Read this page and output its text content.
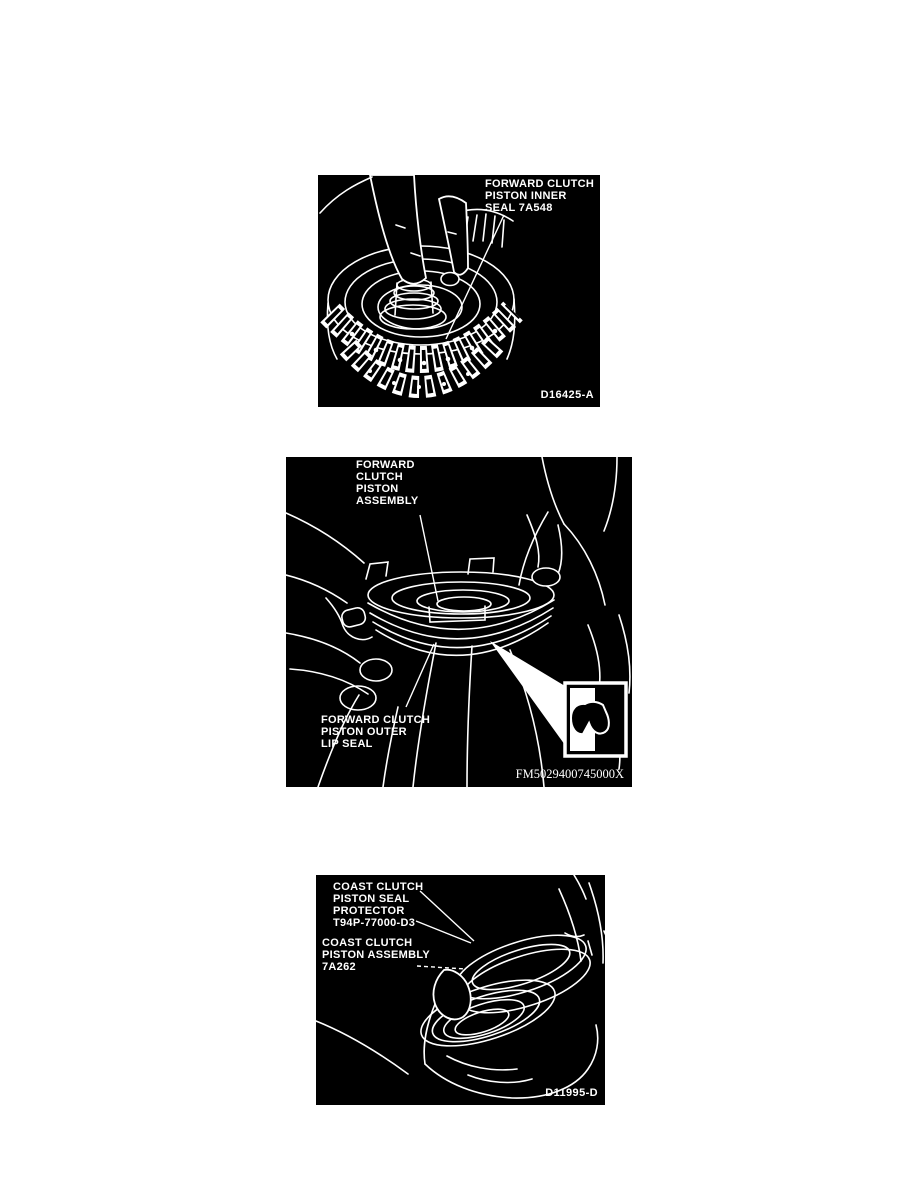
FORWARD CLUTCH
PISTON INNER
SEAL 7A548
D16425-A
FORWARD
CLUTCH
PISTON
ASSEMBLY
FORWARD CLUTCH
PISTON OUTER
LIP SEAL
FM5029400745000X
COAST CLUTCH
PISTON SEAL
PROTECTOR
T94P-77000-D3
COAST CLUTCH
PISTON ASSEMBLY
7A262
D11995-D
